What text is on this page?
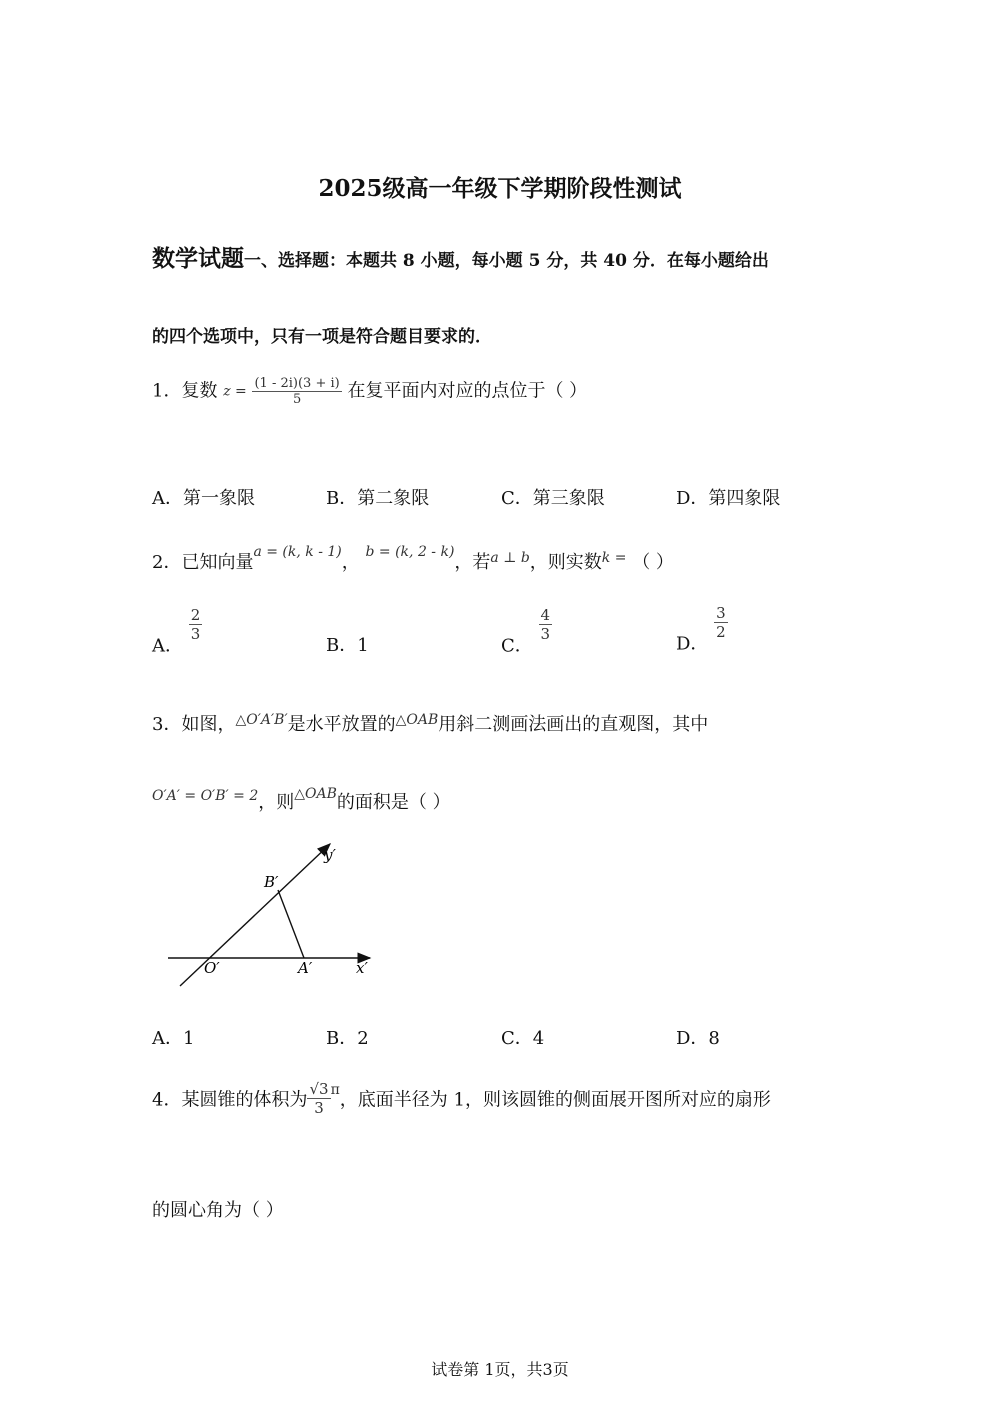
2025级高一年级下学期阶段性测试
数学试题一、选择题：本题共 8 小题，每小题 5 分，共 40 分．在每小题给出
的四个选项中，只有一项是符合题目要求的．
1．复数 $z = \frac{(1 - 2i)(3 + i)}{5}$ 在复平面内对应的点位于（ ）
A．第一象限	B．第二象限	C．第三象限	D．第四象限
2．已知向量$^{a = (k, k - 1)}$， $^{b = (k, 2 - k)}$，若$^{a \perp b}$，则实数$^{k =}$ （ ）
A．
$\frac{2}{3}$
B．1	C．
$\frac{4}{3}$
D．
$\frac{3}{2}$
3．如图，$^{\triangle O'A'B'}$是水平放置的$^{\triangle OAB}$用斜二测画法画出的直观图，其中
$^{O'A' = O'B' = 2}$，则$^{\triangle OAB}$的面积是（ ）
y′
x′
O′	A′
B′
A．1	B．2	C．4	D．8
4．某圆锥的体积为 $\frac{√3}{3} ^\pi$，底面半径为 1，则该圆锥的侧面展开图所对应的扇形
的圆心角为（ ）
试卷第 1页，共3页
